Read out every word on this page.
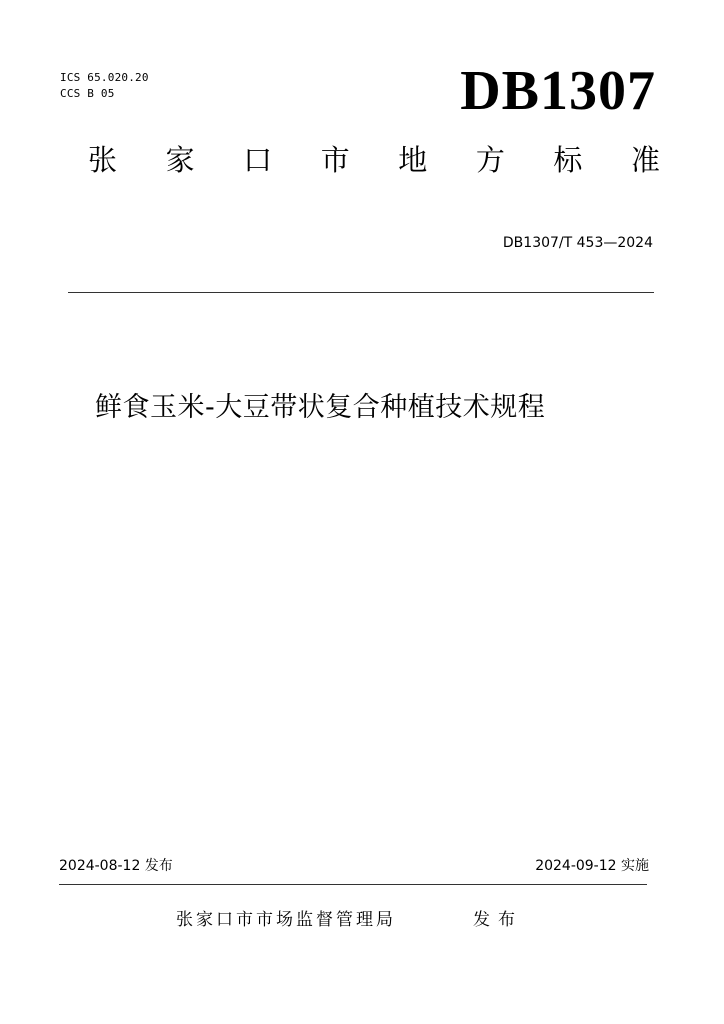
ICS 65.020.20
CCS B 05	DB1307
张 家 口 市 地 方 标 准
DB1307/T 453—2024
鲜食玉米-大豆带状复合种植技术规程
2024-08-12 发布	2024-09-12 实施
张家口市市场监督管理局	发布
